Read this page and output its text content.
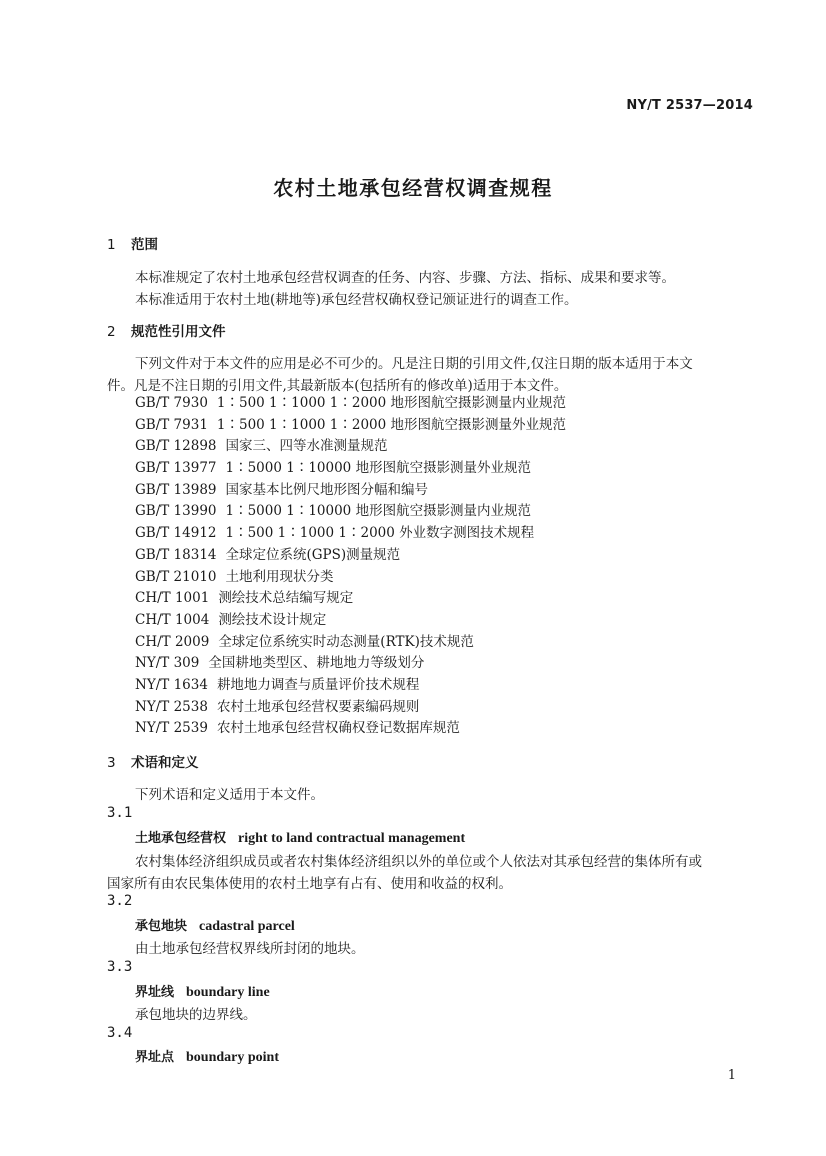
NY/T 2537—2014
农村土地承包经营权调查规程
1 范围
本标准规定了农村土地承包经营权调查的任务、内容、步骤、方法、指标、成果和要求等。
本标准适用于农村土地(耕地等)承包经营权确权登记颁证进行的调查工作。
2 规范性引用文件
下列文件对于本文件的应用是必不可少的。凡是注日期的引用文件,仅注日期的版本适用于本文
件。凡是不注日期的引用文件,其最新版本(包括所有的修改单)适用于本文件。
GB/T 7930 1∶500 1∶1000 1∶2000 地形图航空摄影测量内业规范
GB/T 7931 1∶500 1∶1000 1∶2000 地形图航空摄影测量外业规范
GB/T 12898 国家三、四等水准测量规范
GB/T 13977 1∶5000 1∶10000 地形图航空摄影测量外业规范
GB/T 13989 国家基本比例尺地形图分幅和编号
GB/T 13990 1∶5000 1∶10000 地形图航空摄影测量内业规范
GB/T 14912 1∶500 1∶1000 1∶2000 外业数字测图技术规程
GB/T 18314 全球定位系统(GPS)测量规范
GB/T 21010 土地利用现状分类
CH/T 1001 测绘技术总结编写规定
CH/T 1004 测绘技术设计规定
CH/T 2009 全球定位系统实时动态测量(RTK)技术规范
NY/T 309 全国耕地类型区、耕地地力等级划分
NY/T 1634 耕地地力调查与质量评价技术规程
NY/T 2538 农村土地承包经营权要素编码规则
NY/T 2539 农村土地承包经营权确权登记数据库规范
3 术语和定义
下列术语和定义适用于本文件。
3.1
土地承包经营权 right to land contractual management
农村集体经济组织成员或者农村集体经济组织以外的单位或个人依法对其承包经营的集体所有或
国家所有由农民集体使用的农村土地享有占有、使用和收益的权利。
3.2
承包地块 cadastral parcel
由土地承包经营权界线所封闭的地块。
3.3
界址线 boundary line
承包地块的边界线。
3.4
界址点 boundary point
1
